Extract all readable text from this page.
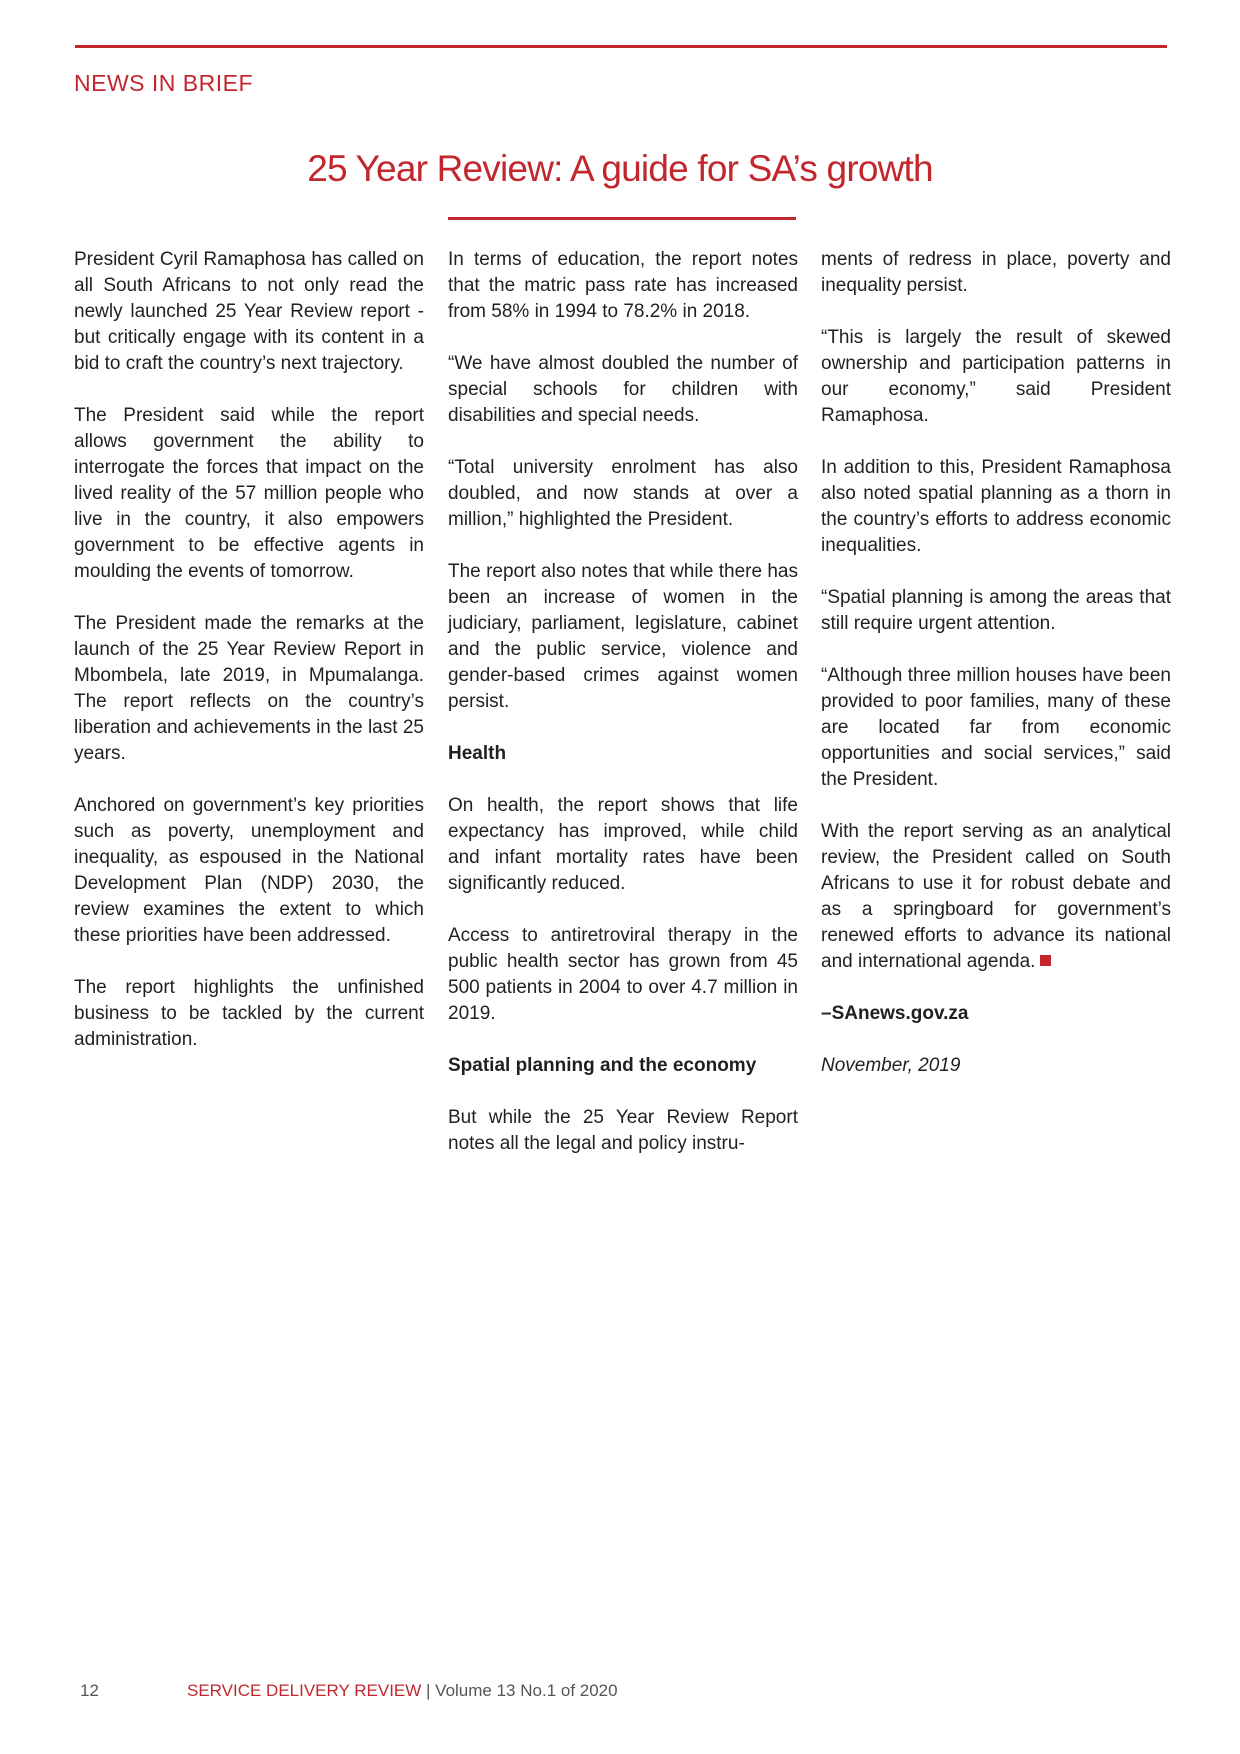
NEWS IN BRIEF
25 Year Review: A guide for SA’s growth

President Cyril Ramaphosa has called on all South Africans to not only read the newly launched 25 Year Review report - but critically engage with its content in a bid to craft the country’s next trajectory.

The President said while the report allows government the ability to interrogate the forces that impact on the lived reality of the 57 million people who live in the country, it also empowers government to be effective agents in moulding the events of tomorrow.

The President made the remarks at the launch of the 25 Year Review Report in Mbombela, late 2019, in Mpumalanga. The report reflects on the country’s liberation and achievements in the last 25 years.

Anchored on government’s key priorities such as poverty, unemployment and inequality, as espoused in the National Development Plan (NDP) 2030, the review examines the extent to which these priorities have been addressed.

The report highlights the unfinished business to be tackled by the current administration.

In terms of education, the report notes that the matric pass rate has increased from 58% in 1994 to 78.2% in 2018.

“We have almost doubled the number of special schools for children with disabilities and special needs.

“Total university enrolment has also doubled, and now stands at over a million,” highlighted the President.

The report also notes that while there has been an increase of women in the judiciary, parliament, legislature, cabinet and the public service, violence and gender-based crimes against women persist.

Health

On health, the report shows that life expectancy has improved, while child and infant mortality rates have been significantly reduced.

Access to antiretroviral therapy in the public health sector has grown from 45 500 patients in 2004 to over 4.7 million in 2019.

Spatial planning and the economy

But while the 25 Year Review Report notes all the legal and policy instru-

ments of redress in place, poverty and inequality persist.

“This is largely the result of skewed ownership and participation patterns in our economy,” said President Ramaphosa.

In addition to this, President Ramaphosa also noted spatial planning as a thorn in the country’s efforts to address economic inequalities.

“Spatial planning is among the areas that still require urgent attention.

“Although three million houses have been provided to poor families, many of these are located far from economic opportunities and social services,” said the President.

With the report serving as an analytical review, the President called on South Africans to use it for robust debate and as a springboard for government’s renewed efforts to advance its national and international agenda.

–SAnews.gov.za

November, 2019

12	SERVICE DELIVERY REVIEW | Volume 13 No.1 of 2020
